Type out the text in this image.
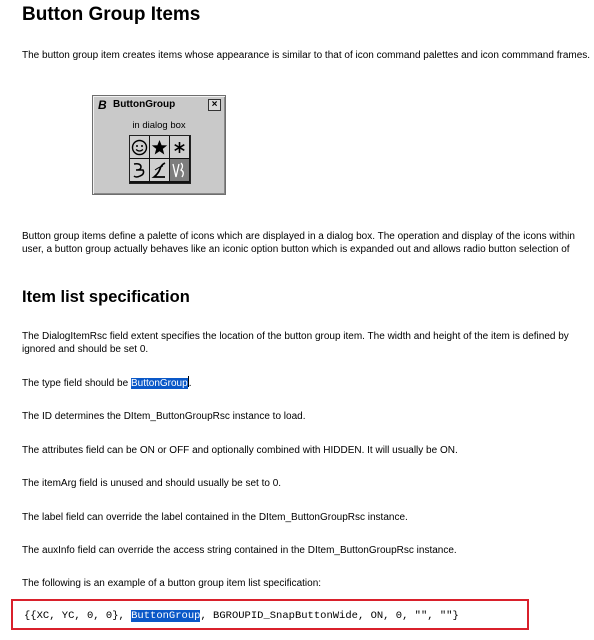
Button Group Items
The button group item creates items whose appearance is similar to that of icon command palettes and icon commmand frames.
B ButtonGroup	×
in dialog box
Button group items define a palette of icons which are displayed in a dialog box. The operation and display of the icons within
user, a button group actually behaves like an iconic option button which is expanded out and allows radio button selection of
Item list specification
The DialogItemRsc field extent specifies the location of the button group item. The width and height of the item is defined by
ignored and should be set 0.
The type field should be ButtonGroup.
The ID determines the DItem_ButtonGroupRsc instance to load.
The attributes field can be ON or OFF and optionally combined with HIDDEN. It will usually be ON.
The itemArg field is unused and should usually be set to 0.
The label field can override the label contained in the DItem_ButtonGroupRsc instance.
The auxInfo field can override the access string contained in the DItem_ButtonGroupRsc instance.
The following is an example of a button group item list specification:
{{XC, YC, 0, 0}, ButtonGroup, BGROUPID_SnapButtonWide, ON, 0, "", ""}
